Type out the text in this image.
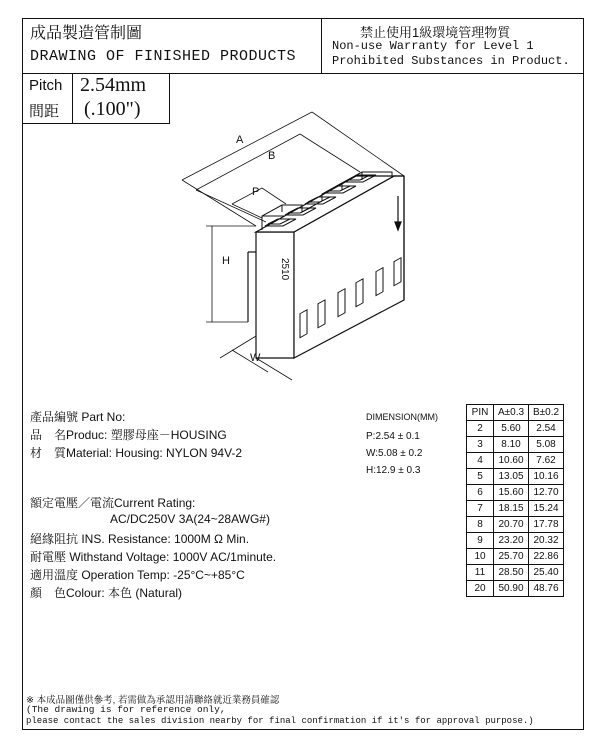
成品製造管制圖
DRAWING OF FINISHED PRODUCTS
禁止使用1級環境管理物質
Non-use Warranty for Level 1
Prohibited Substances in Product.
Pitch
間距
2.54mm
(.100")
A
B
P
H
W
2510
DIMENSION(MM)
P:2.54 ± 0.1
W:5.08 ± 0.2
H:12.9 ± 0.3
PIN	A±0.3	B±0.2
2	5.60	2.54
3	8.10	5.08
4	10.60	7.62
5	13.05	10.16
6	15.60	12.70
7	18.15	15.24
8	20.70	17.78
9	23.20	20.32
10	25.70	22.86
11	28.50	25.40
20	50.90	48.76
產品編號 Part No:
品　名Produc: 塑膠母座－HOUSING
材　質Material: Housing: NYLON 94V-2
額定電壓／電流Current Rating:
AC/DC250V 3A(24~28AWG#)
絕緣阻抗 INS. Resistance: 1000M Ω Min.
耐電壓 Withstand Voltage: 1000V AC/1minute.
適用溫度 Operation Temp: -25°C~+85°C
顏　色Colour: 本色 (Natural)
※ 本成品圖僅供參考, 若需做為承認用請聯絡就近業務員確認
(The drawing is for reference only,
please contact the sales division nearby for final confirmation if it's for approval purpose.)
